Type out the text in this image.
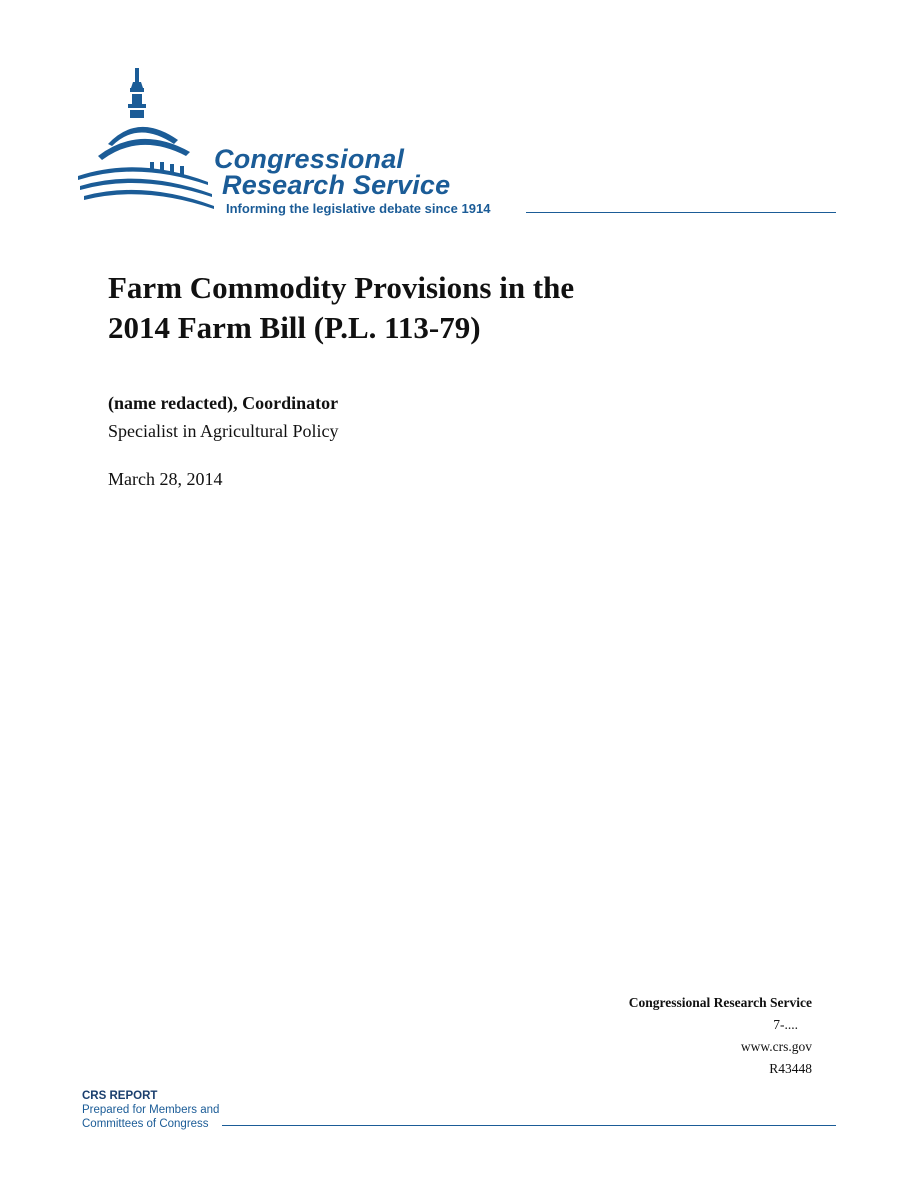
Congressional
Research Service
Informing the legislative debate since 1914
Farm Commodity Provisions in the
2014 Farm Bill (P.L. 113-79)
(name redacted), Coordinator
Specialist in Agricultural Policy
March 28, 2014
Congressional Research Service
7-....
www.crs.gov
R43448
CRS REPORT
Prepared for Members and
Committees of Congress
